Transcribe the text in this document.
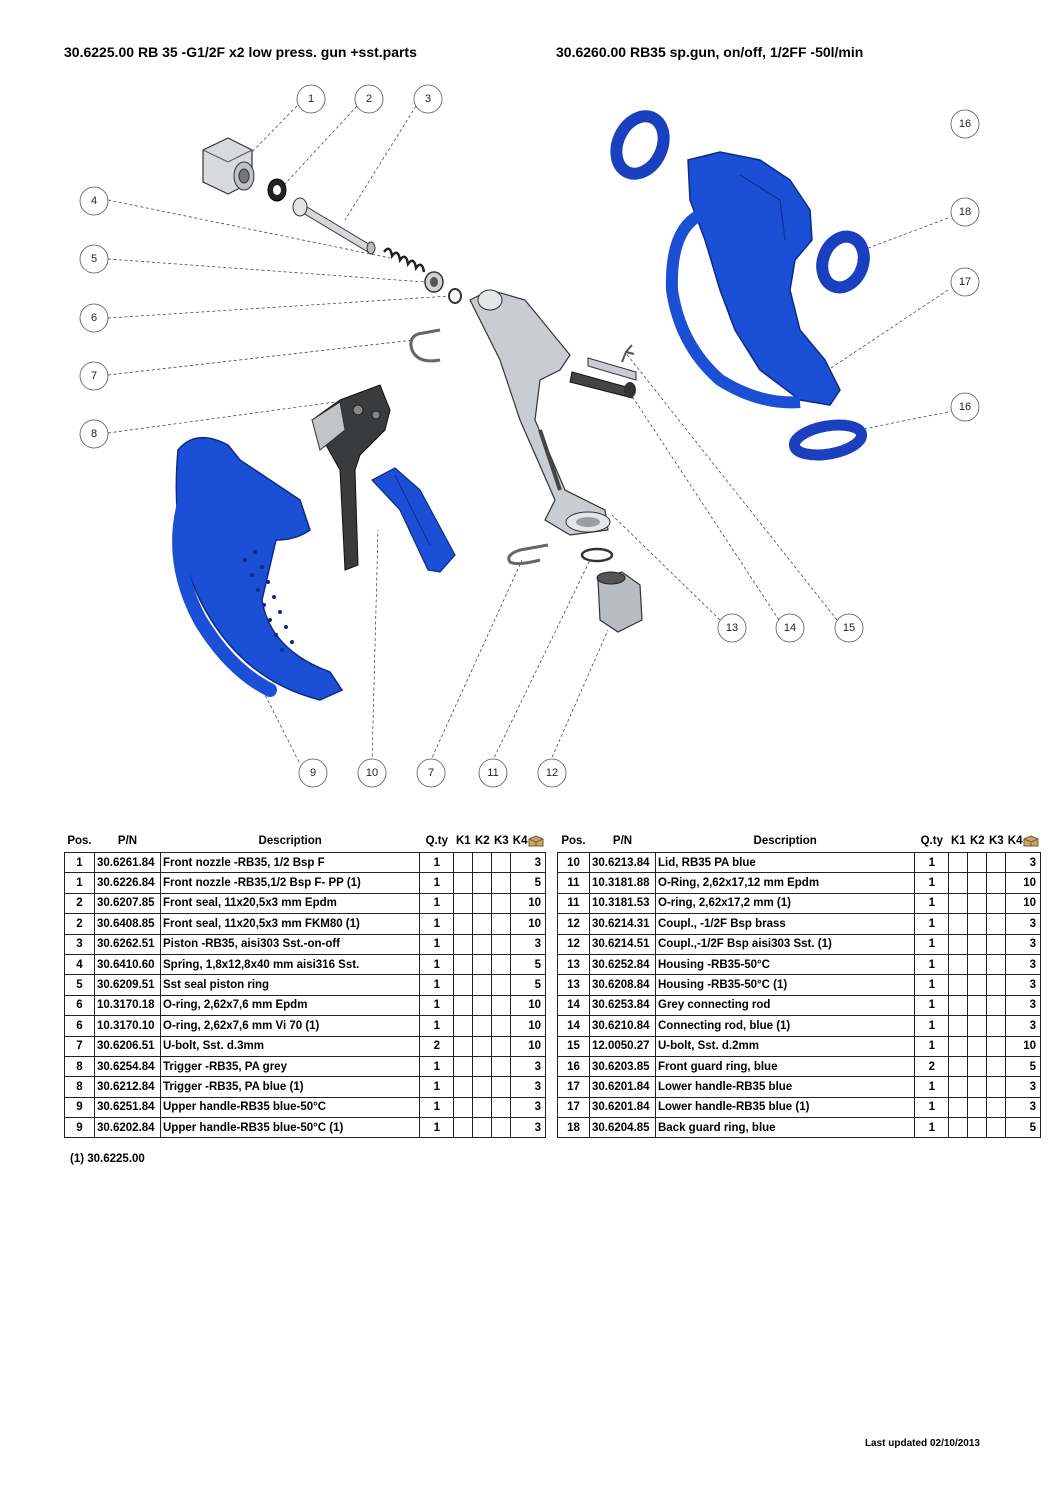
30.6225.00 RB 35 -G1/2F x2 low press. gun +sst.parts	30.6260.00 RB35 sp.gun, on/off, 1/2FF -50l/min
1	2	3
4
5
6
7
8
9	10	7	11	12
13	14	15
16
18
17
16
Pos.	P/N	Description	Q.ty	K1	K2	K3	K4
1	30.6261.84	Front nozzle -RB35, 1/2 Bsp F	1				3
1	30.6226.84	Front nozzle -RB35,1/2 Bsp F- PP (1)	1				5
2	30.6207.85	Front seal, 11x20,5x3 mm Epdm	1				10
2	30.6408.85	Front seal, 11x20,5x3 mm FKM80 (1)	1				10
3	30.6262.51	Piston -RB35, aisi303 Sst.-on-off	1				3
4	30.6410.60	Spring, 1,8x12,8x40 mm aisi316 Sst.	1				5
5	30.6209.51	Sst seal piston ring	1				5
6	10.3170.18	O-ring, 2,62x7,6 mm Epdm	1				10
6	10.3170.10	O-ring, 2,62x7,6 mm Vi 70 (1)	1				10
7	30.6206.51	U-bolt, Sst. d.3mm	2				10
8	30.6254.84	Trigger -RB35, PA grey	1				3
8	30.6212.84	Trigger -RB35, PA blue (1)	1				3
9	30.6251.84	Upper handle-RB35 blue-50°C	1				3
9	30.6202.84	Upper handle-RB35 blue-50°C (1)	1				3
Pos.	P/N	Description	Q.ty	K1	K2	K3	K4
10	30.6213.84	Lid, RB35 PA blue	1				3
11	10.3181.88	O-Ring, 2,62x17,12 mm Epdm	1				10
11	10.3181.53	O-ring, 2,62x17,2 mm (1)	1				10
12	30.6214.31	Coupl., -1/2F Bsp brass	1				3
12	30.6214.51	Coupl.,-1/2F Bsp aisi303 Sst. (1)	1				3
13	30.6252.84	Housing -RB35-50°C	1				3
13	30.6208.84	Housing -RB35-50°C (1)	1				3
14	30.6253.84	Grey connecting rod	1				3
14	30.6210.84	Connecting rod, blue (1)	1				3
15	12.0050.27	U-bolt, Sst. d.2mm	1				10
16	30.6203.85	Front guard ring, blue	2				5
17	30.6201.84	Lower handle-RB35 blue	1				3
17	30.6201.84	Lower handle-RB35 blue (1)	1				3
18	30.6204.85	Back guard ring, blue	1				5
(1) 30.6225.00
Last updated 02/10/2013
